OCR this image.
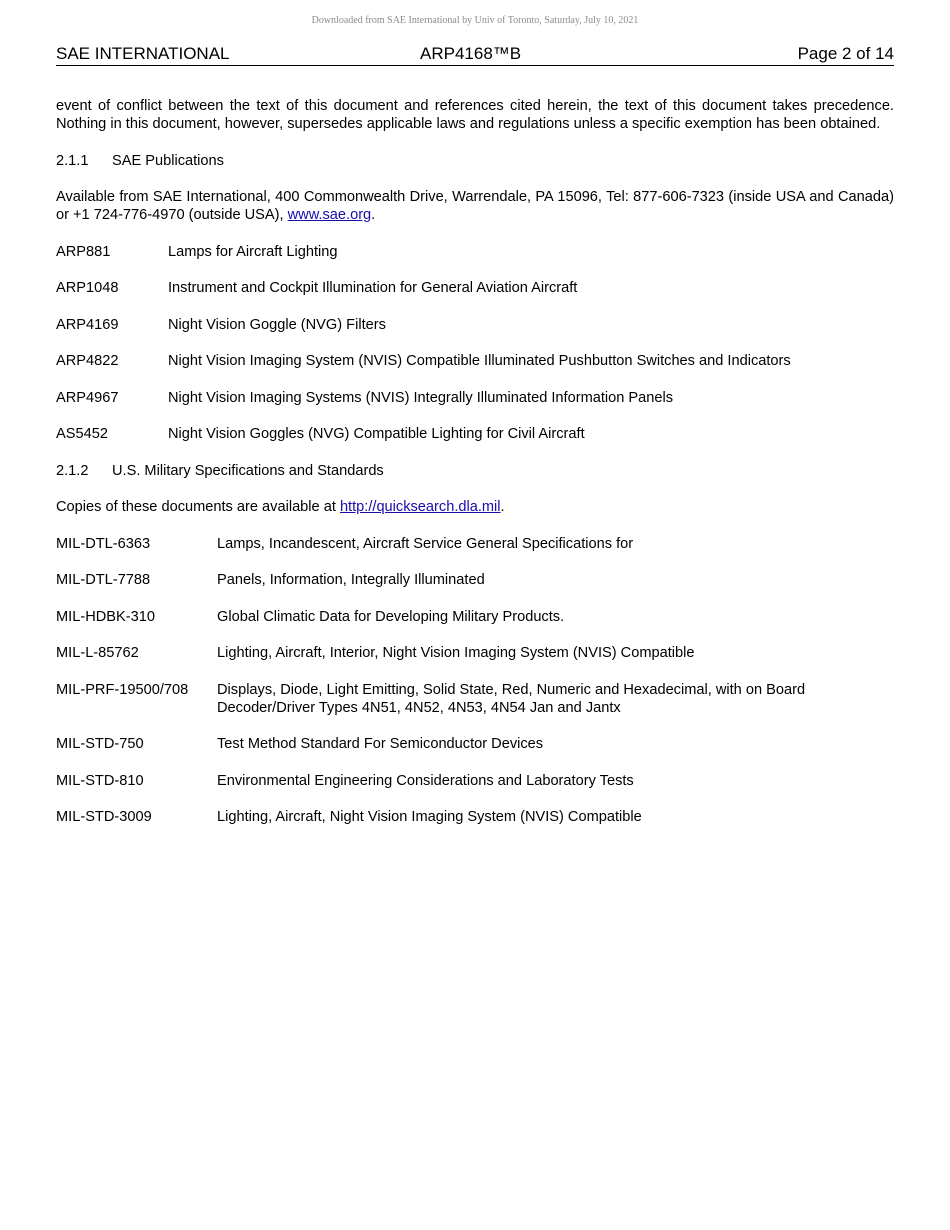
Downloaded from SAE International by Univ of Toronto, Saturday, July 10, 2021
SAE INTERNATIONAL	ARP4168™B	Page 2 of 14

event of conflict between the text of this document and references cited herein, the text of this document takes precedence. Nothing in this document, however, supersedes applicable laws and regulations unless a specific exemption has been obtained.

2.1.1 SAE Publications

Available from SAE International, 400 Commonwealth Drive, Warrendale, PA 15096, Tel: 877-606-7323 (inside USA and Canada) or +1 724-776-4970 (outside USA), www.sae.org.

ARP881	Lamps for Aircraft Lighting
ARP1048	Instrument and Cockpit Illumination for General Aviation Aircraft
ARP4169	Night Vision Goggle (NVG) Filters
ARP4822	Night Vision Imaging System (NVIS) Compatible Illuminated Pushbutton Switches and Indicators
ARP4967	Night Vision Imaging Systems (NVIS) Integrally Illuminated Information Panels
AS5452	Night Vision Goggles (NVG) Compatible Lighting for Civil Aircraft
2.1.2 U.S. Military Specifications and Standards

Copies of these documents are available at http://quicksearch.dla.mil.

MIL-DTL-6363	Lamps, Incandescent, Aircraft Service General Specifications for
MIL-DTL-7788	Panels, Information, Integrally Illuminated
MIL-HDBK-310	Global Climatic Data for Developing Military Products.
MIL-L-85762	Lighting, Aircraft, Interior, Night Vision Imaging System (NVIS) Compatible
MIL-PRF-19500/708	Displays, Diode, Light Emitting, Solid State, Red, Numeric and Hexadecimal, with on Board Decoder/Driver Types 4N51, 4N52, 4N53, 4N54 Jan and Jantx
MIL-STD-750	Test Method Standard For Semiconductor Devices
MIL-STD-810	Environmental Engineering Considerations and Laboratory Tests
MIL-STD-3009	Lighting, Aircraft, Night Vision Imaging System (NVIS) Compatible
